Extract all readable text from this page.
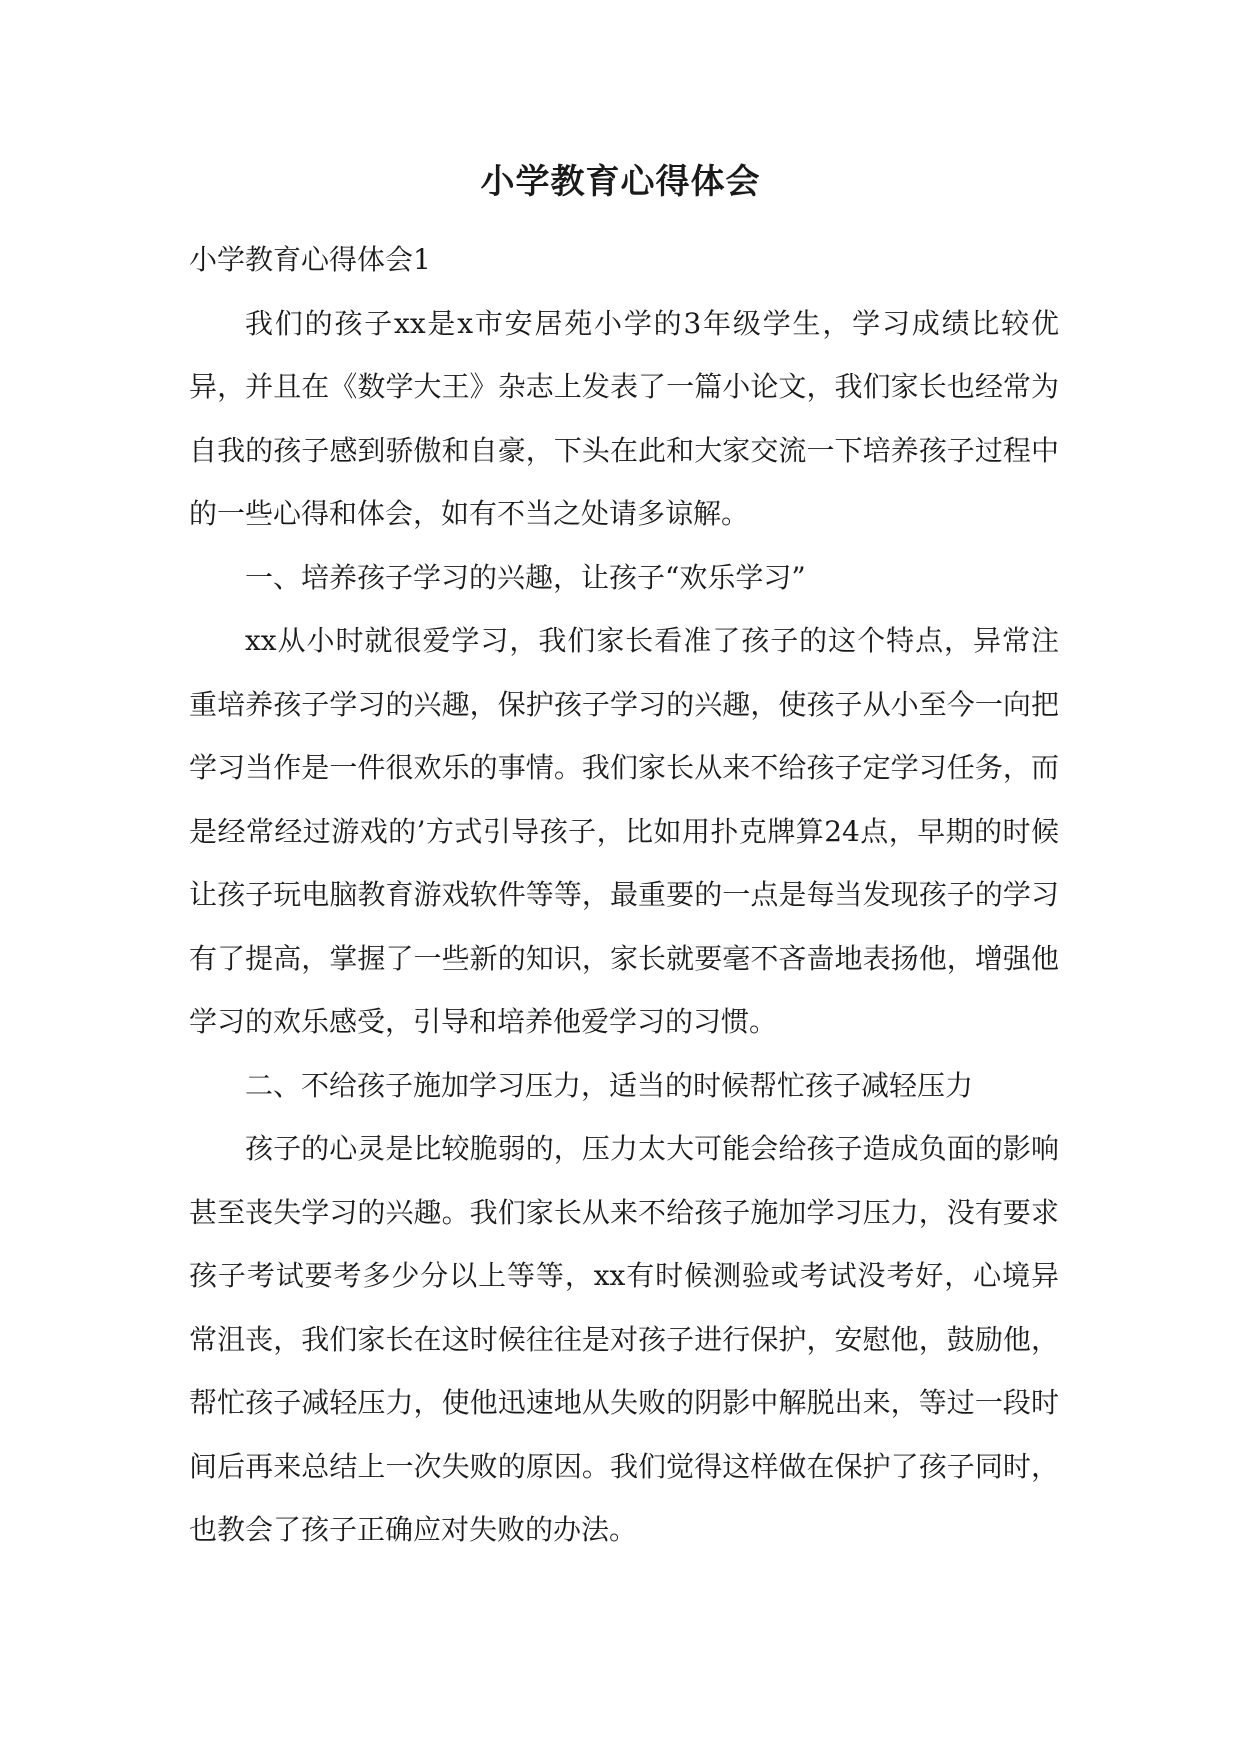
小学教育心得体会

小学教育心得体会1

我们的孩子xx是x市安居苑小学的3年级学生，学习成绩比较优异，并且在《数学大王》杂志上发表了一篇小论文，我们家长也经常为自我的孩子感到骄傲和自豪，下头在此和大家交流一下培养孩子过程中的一些心得和体会，如有不当之处请多谅解。

一、培养孩子学习的兴趣，让孩子“欢乐学习”

xx从小时就很爱学习，我们家长看准了孩子的这个特点，异常注重培养孩子学习的兴趣，保护孩子学习的兴趣，使孩子从小至今一向把学习当作是一件很欢乐的事情。我们家长从来不给孩子定学习任务，而是经常经过游戏的’方式引导孩子，比如用扑克牌算24点，早期的时候让孩子玩电脑教育游戏软件等等，最重要的一点是每当发现孩子的学习有了提高，掌握了一些新的知识，家长就要毫不吝啬地表扬他，增强他学习的欢乐感受，引导和培养他爱学习的习惯。

二、不给孩子施加学习压力，适当的时候帮忙孩子减轻压力

孩子的心灵是比较脆弱的，压力太大可能会给孩子造成负面的影响甚至丧失学习的兴趣。我们家长从来不给孩子施加学习压力，没有要求孩子考试要考多少分以上等等，xx有时候测验或考试没考好，心境异常沮丧，我们家长在这时候往往是对孩子进行保护，安慰他，鼓励他，帮忙孩子减轻压力，使他迅速地从失败的阴影中解脱出来，等过一段时间后再来总结上一次失败的原因。我们觉得这样做在保护了孩子同时，也教会了孩子正确应对失败的办法。
